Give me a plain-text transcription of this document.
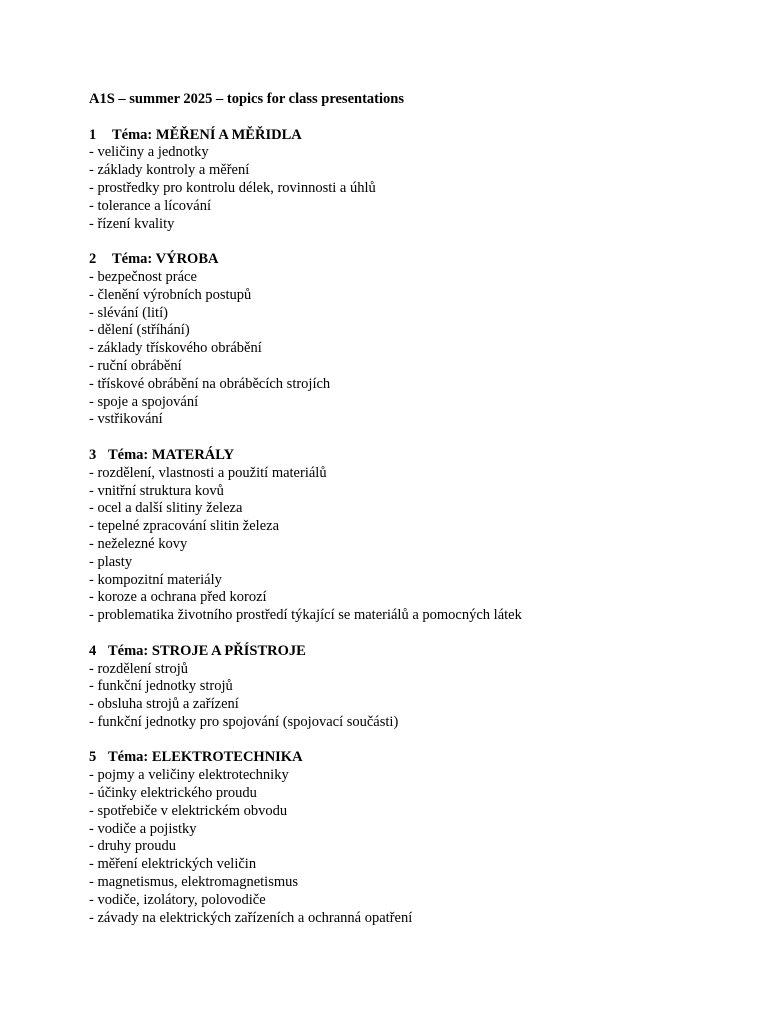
A1S – summer 2025 – topics for class presentations
1 Téma: MĚŘENÍ A MĚŘIDLA
- veličiny a jednotky
- základy kontroly a měření
- prostředky pro kontrolu délek, rovinnosti a úhlů
- tolerance a lícování
- řízení kvality
2 Téma: VÝROBA
- bezpečnost práce
- členění výrobních postupů
- slévání (lití)
- dělení (stříhání)
- základy třískového obrábění
- ruční obrábění
- třískové obrábění na obráběcích strojích
- spoje a spojování
- vstřikování
3 Téma: MATERÁLY
- rozdělení, vlastnosti a použití materiálů
- vnitřní struktura kovů
- ocel a další slitiny železa
- tepelné zpracování slitin železa
- neželezné kovy
- plasty
- kompozitní materiály
- koroze a ochrana před korozí
- problematika životního prostředí týkající se materiálů a pomocných látek
4 Téma: STROJE A PŘÍSTROJE
- rozdělení strojů
- funkční jednotky strojů
- obsluha strojů a zařízení
- funkční jednotky pro spojování (spojovací součásti)
5 Téma: ELEKTROTECHNIKA
- pojmy a veličiny elektrotechniky
- účinky elektrického proudu
- spotřebiče v elektrickém obvodu
- vodiče a pojistky
- druhy proudu
- měření elektrických veličin
- magnetismus, elektromagnetismus
- vodiče, izolátory, polovodiče
- závady na elektrických zařízeních a ochranná opatření
